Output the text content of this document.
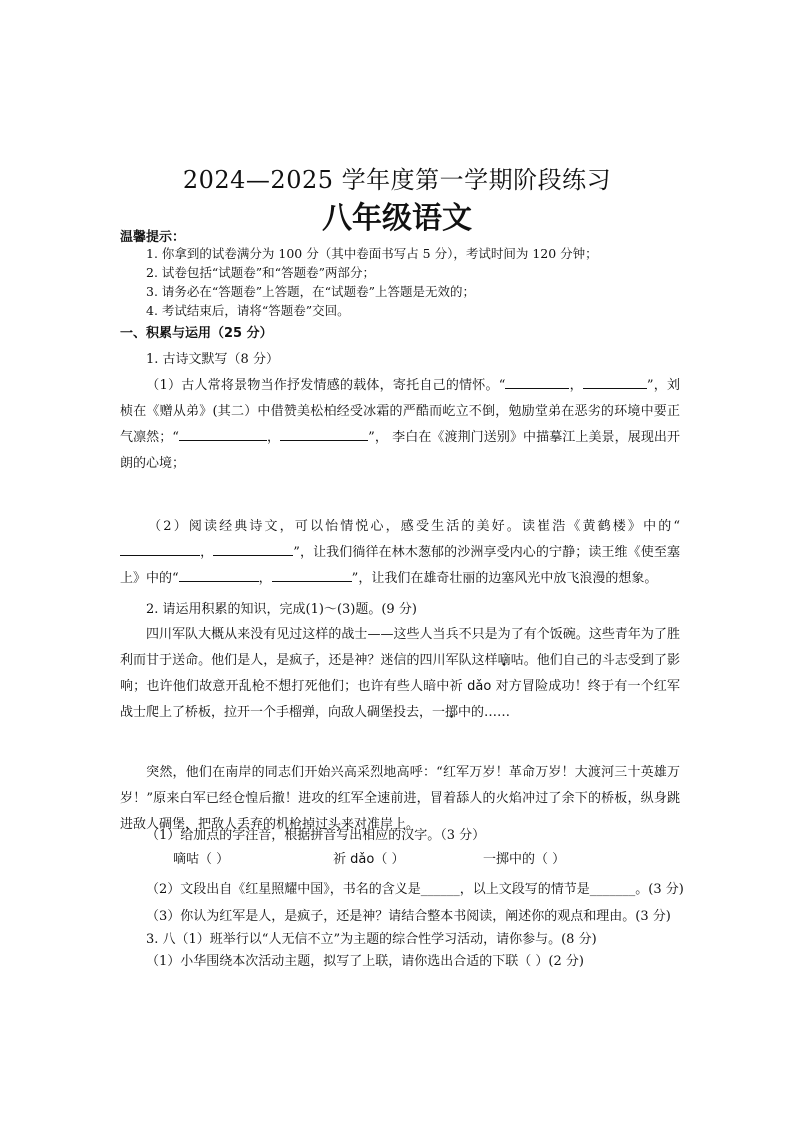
2024—2025 学年度第一学期阶段练习
八年级语文
温馨提示：
1. 你拿到的试卷满分为 100 分（其中卷面书写占 5 分），考试时间为 120 分钟；
2. 试卷包括“试题卷”和“答题卷”两部分；
3. 请务必在“答题卷”上答题，在“试题卷”上答题是无效的；
4. 考试结束后，请将“答题卷”交回。
一、积累与运用（25 分）
1. 古诗文默写（8 分）
（1）古人常将景物当作抒发情感的载体，寄托自己的情怀。“	，	”，刘桢在《赠从弟》(其二）中借赞美松柏经受冰霜的严酷而屹立不倒，勉励堂弟在恶劣的环境中要正气凛然；“	，	”， 李白在《渡荆门送别》中描摹江上美景，展现出开朗的心境；
（2）阅读经典诗文，可以怡情悦心，感受生活的美好。读崔浩《黄鹤楼》中的“，	”，让我们徜徉在林木葱郁的沙洲享受内心的宁静；读王维《使至塞上》中的“	，	”，让我们在雄奇壮丽的边塞风光中放飞浪漫的想象。
2. 请运用积累的知识，完成(1)～(3)题。(9 分)
四川军队大概从来没有见过这样的战士——这些人当兵不只是为了有个饭碗。这些青年为了胜利而甘于送命。他们是人，是疯子，还是神？迷信的四川军队这样嘀咕。他们自己的斗志受到了影响；也许他们故意开乱枪不想打死他们；也许有些人暗中祈 dǎo 对方冒险成功！终于有一个红军战士爬上了桥板，拉开一个手榴弹，向敌人碉堡投去，一掷中的……
突然，他们在南岸的同志们开始兴高采烈地高呼：“红军万岁！革命万岁！大渡河三十英雄万岁！”原来白军已经仓惶后撤！进攻的红军全速前进，冒着舔人的火焰冲过了余下的桥板，纵身跳进敌人碉堡，把敌人丢弃的机枪掉过头来对准岸上。
（1）给加点的字注音，根据拼音写出相应的汉字。（3 分）
嘀咕（ ）	祈 dǎo（ ）	一掷中的（ ）
（2）文段出自《红星照耀中国》，书名的含义是______，以上文段写的情节是_______。(3 分)
（3）你认为红军是人，是疯子，还是神？请结合整本书阅读，阐述你的观点和理由。(3 分)
3. 八（1）班举行以“人无信不立”为主题的综合性学习活动，请你参与。(8 分)
（1）小华围绕本次活动主题，拟写了上联，请你选出合适的下联（ ）(2 分)
